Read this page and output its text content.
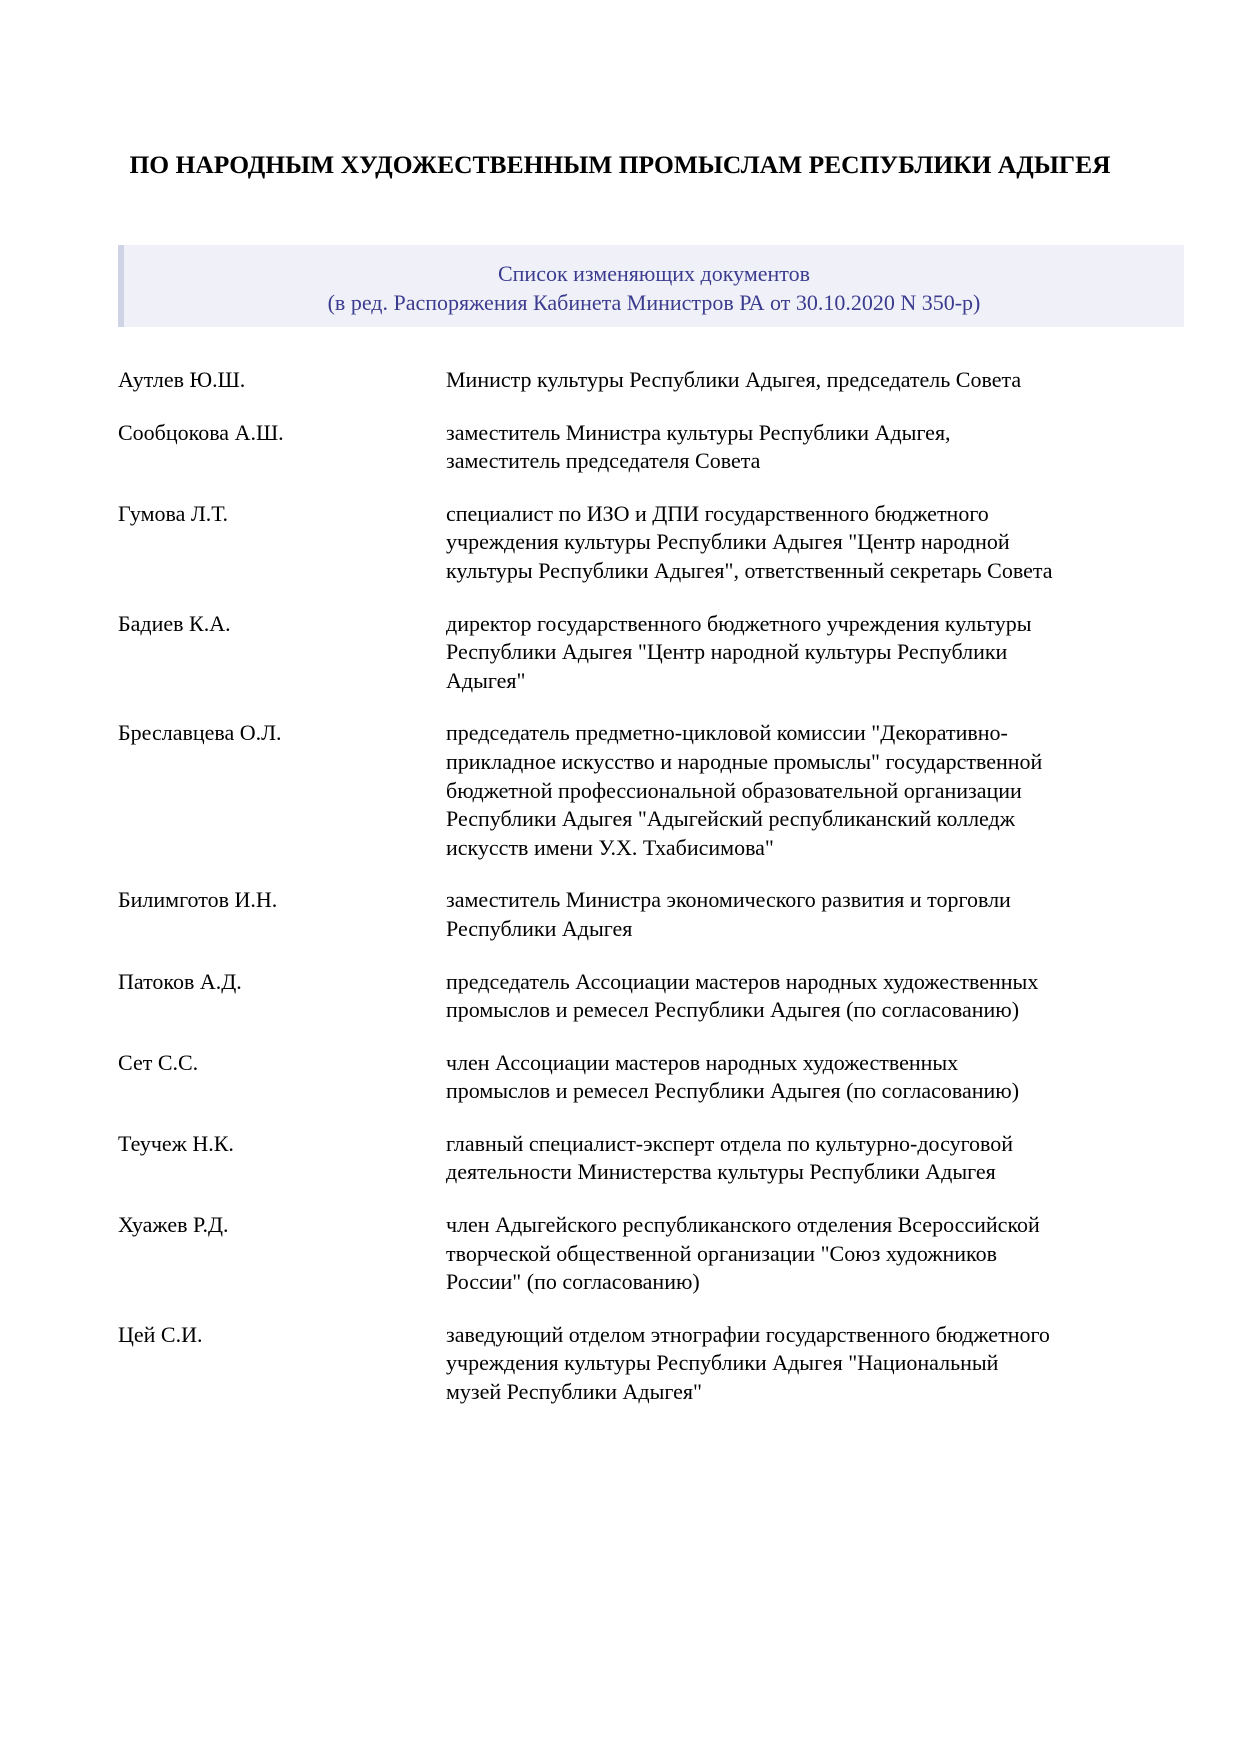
ПО НАРОДНЫМ ХУДОЖЕСТВЕННЫМ ПРОМЫСЛАМ РЕСПУБЛИКИ АДЫГЕЯ
Список изменяющих документов
(в ред. Распоряжения Кабинета Министров РА от 30.10.2020 N 350-р)
Аутлев Ю.Ш.	Министр культуры Республики Адыгея, председатель Совета
Сообцокова А.Ш.	заместитель Министра культуры Республики Адыгея, заместитель председателя Совета
Гумова Л.Т.	специалист по ИЗО и ДПИ государственного бюджетного учреждения культуры Республики Адыгея "Центр народной культуры Республики Адыгея", ответственный секретарь Совета
Бадиев К.А.	директор государственного бюджетного учреждения культуры Республики Адыгея "Центр народной культуры Республики Адыгея"
Бреславцева О.Л.	председатель предметно-цикловой комиссии "Декоративно-прикладное искусство и народные промыслы" государственной бюджетной профессиональной образовательной организации Республики Адыгея "Адыгейский республиканский колледж искусств имени У.Х. Тхабисимова"
Билимготов И.Н.	заместитель Министра экономического развития и торговли Республики Адыгея
Патоков А.Д.	председатель Ассоциации мастеров народных художественных промыслов и ремесел Республики Адыгея (по согласованию)
Сет С.С.	член Ассоциации мастеров народных художественных промыслов и ремесел Республики Адыгея (по согласованию)
Теучеж Н.К.	главный специалист-эксперт отдела по культурно-досуговой деятельности Министерства культуры Республики Адыгея
Хуажев Р.Д.	член Адыгейского республиканского отделения Всероссийской творческой общественной организации "Союз художников России" (по согласованию)
Цей С.И.	заведующий отделом этнографии государственного бюджетного учреждения культуры Республики Адыгея "Национальный музей Республики Адыгея"
